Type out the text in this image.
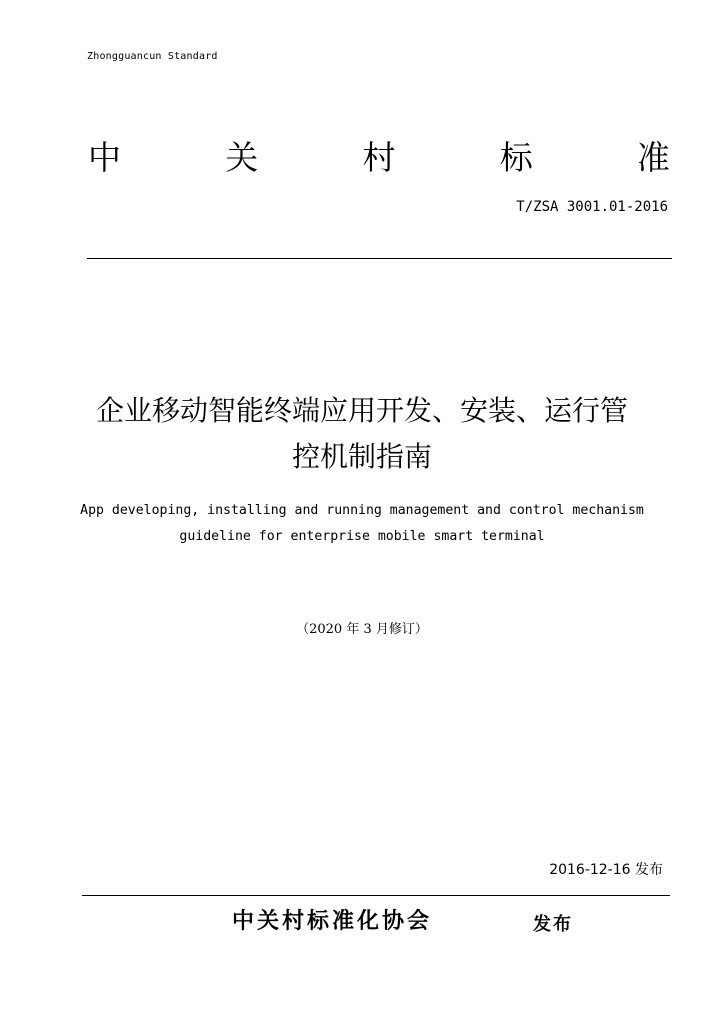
Zhongguancun Standard
中	关	村	标	准
T/ZSA 3001.01-2016
企业移动智能终端应用开发、安装、运行管
控机制指南
App developing, installing and running management and control mechanism
guideline for enterprise mobile smart terminal
（2020 年 3 月修订）
2016-12-16 发布
中关村标准化协会	发布
